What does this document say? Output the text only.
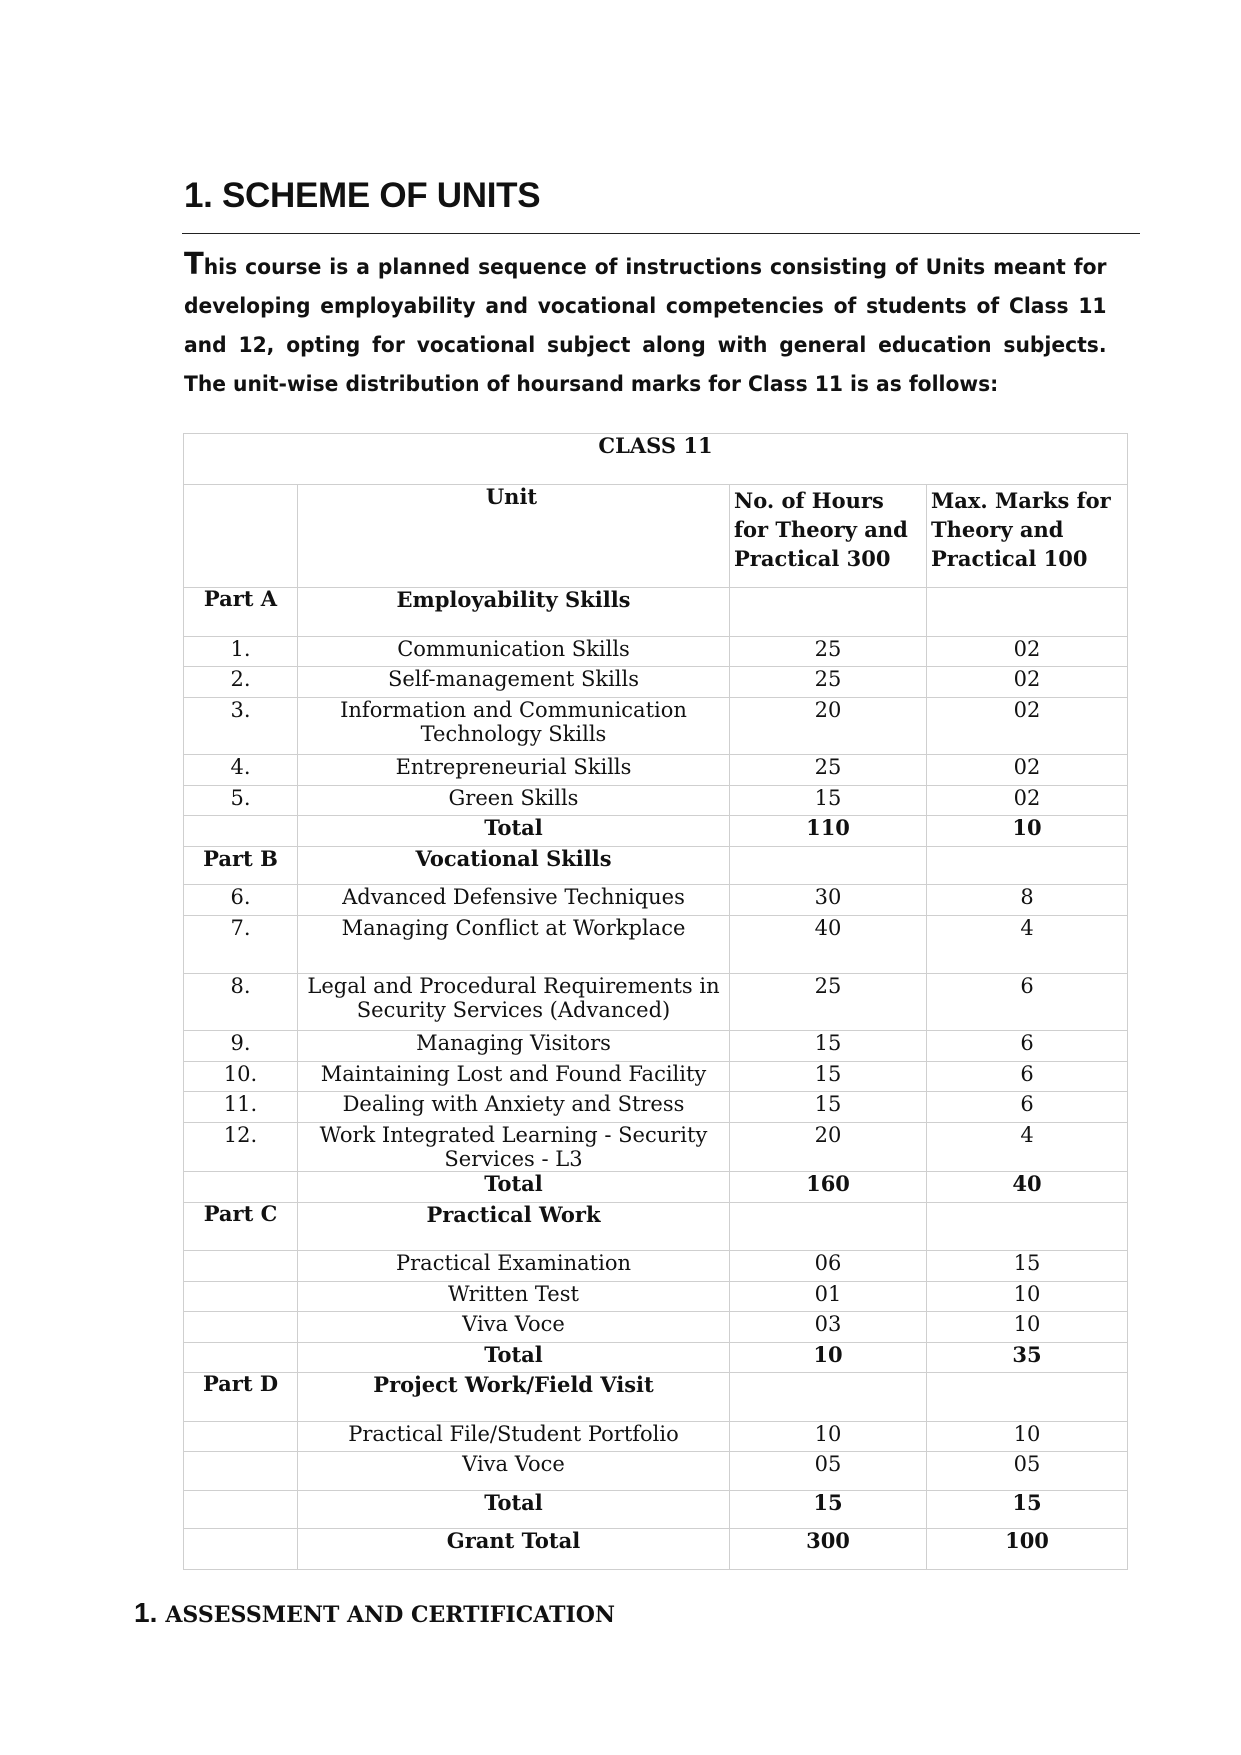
1. SCHEME OF UNITS

This course is a planned sequence of instructions consisting of Units meant for developing employability and vocational competencies of students of Class 11 and 12, opting for vocational subject along with general education subjects. The unit-wise distribution of hoursand marks for Class 11 is as follows:

CLASS 11			
	Unit	No. of Hours for Theory and Practical 300	Max. Marks for Theory and Practical 100
Part A	Employability Skills		
1.	Communication Skills	25	02
2.	Self-management Skills	25	02
3.	Information and Communication Technology Skills	20	02
4.	Entrepreneurial Skills	25	02
5.	Green Skills	15	02
	Total	110	10
Part B	Vocational Skills		
6.	Advanced Defensive Techniques	30	8
7.	Managing Conflict at Workplace	40	4
8.	Legal and Procedural Requirements in Security Services (Advanced)	25	6
9.	Managing Visitors	15	6
10.	Maintaining Lost and Found Facility	15	6
11.	Dealing with Anxiety and Stress	15	6
12.	Work Integrated Learning - Security Services - L3	20	4
	Total	160	40
Part C	Practical Work		
	Practical Examination	06	15
	Written Test	01	10
	Viva Voce	03	10
	Total	10	35
Part D	Project Work/Field Visit		
	Practical File/Student Portfolio	10	10
	Viva Voce	05	05
	Total	15	15
	Grant Total	300	100

1. ASSESSMENT AND CERTIFICATION
